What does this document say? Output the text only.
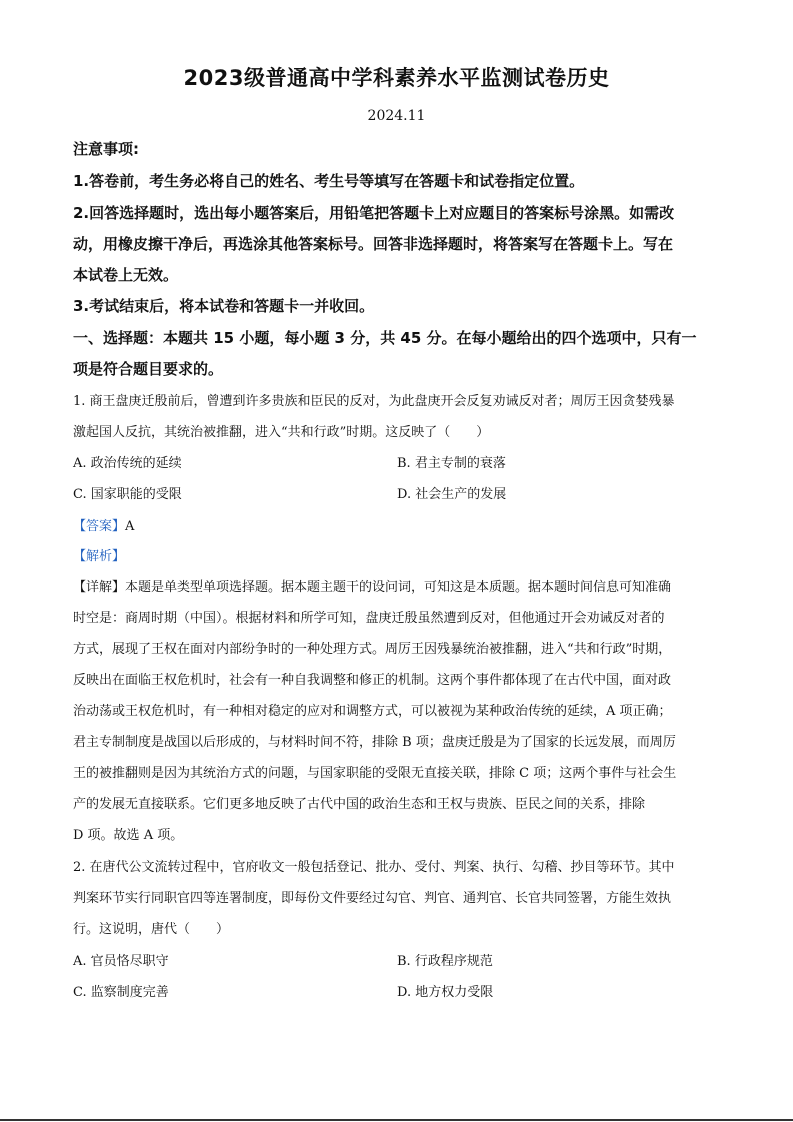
2023级普通高中学科素养水平监测试卷历史
2024.11
注意事项:
1.答卷前，考生务必将自己的姓名、考生号等填写在答题卡和试卷指定位置。
2.回答选择题时，选出每小题答案后，用铅笔把答题卡上对应题目的答案标号涂黑。如需改
动，用橡皮擦干净后，再选涂其他答案标号。回答非选择题时，将答案写在答题卡上。写在
本试卷上无效。
3.考试结束后，将本试卷和答题卡一并收回。
一、选择题：本题共 15 小题，每小题 3 分，共 45 分。在每小题给出的四个选项中，只有一
项是符合题目要求的。
1. 商王盘庚迁殷前后，曾遭到许多贵族和臣民的反对，为此盘庚开会反复劝诫反对者；周厉王因贪婪残暴
激起国人反抗，其统治被推翻，进入“共和行政”时期。这反映了（　　）
A. 政治传统的延续	B. 君主专制的衰落
C. 国家职能的受限	D. 社会生产的发展
【答案】A
【解析】
【详解】本题是单类型单项选择题。据本题主题干的设问词，可知这是本质题。据本题时间信息可知准确
时空是：商周时期（中国）。根据材料和所学可知，盘庚迁殷虽然遭到反对，但他通过开会劝诫反对者的
方式，展现了王权在面对内部纷争时的一种处理方式。周厉王因残暴统治被推翻，进入“共和行政”时期，
反映出在面临王权危机时，社会有一种自我调整和修正的机制。这两个事件都体现了在古代中国，面对政
治动荡或王权危机时，有一种相对稳定的应对和调整方式，可以被视为某种政治传统的延续，A 项正确；
君主专制制度是战国以后形成的，与材料时间不符，排除 B 项；盘庚迁殷是为了国家的长远发展，而周厉
王的被推翻则是因为其统治方式的问题，与国家职能的受限无直接关联，排除 C 项；这两个事件与社会生
产的发展无直接联系。它们更多地反映了古代中国的政治生态和王权与贵族、臣民之间的关系，排除
D 项。故选 A 项。
2. 在唐代公文流转过程中，官府收文一般包括登记、批办、受付、判案、执行、勾稽、抄目等环节。其中
判案环节实行同职官四等连署制度，即每份文件要经过勾官、判官、通判官、长官共同签署，方能生效执
行。这说明，唐代（　　）
A. 官员恪尽职守	B. 行政程序规范
C. 监察制度完善	D. 地方权力受限
